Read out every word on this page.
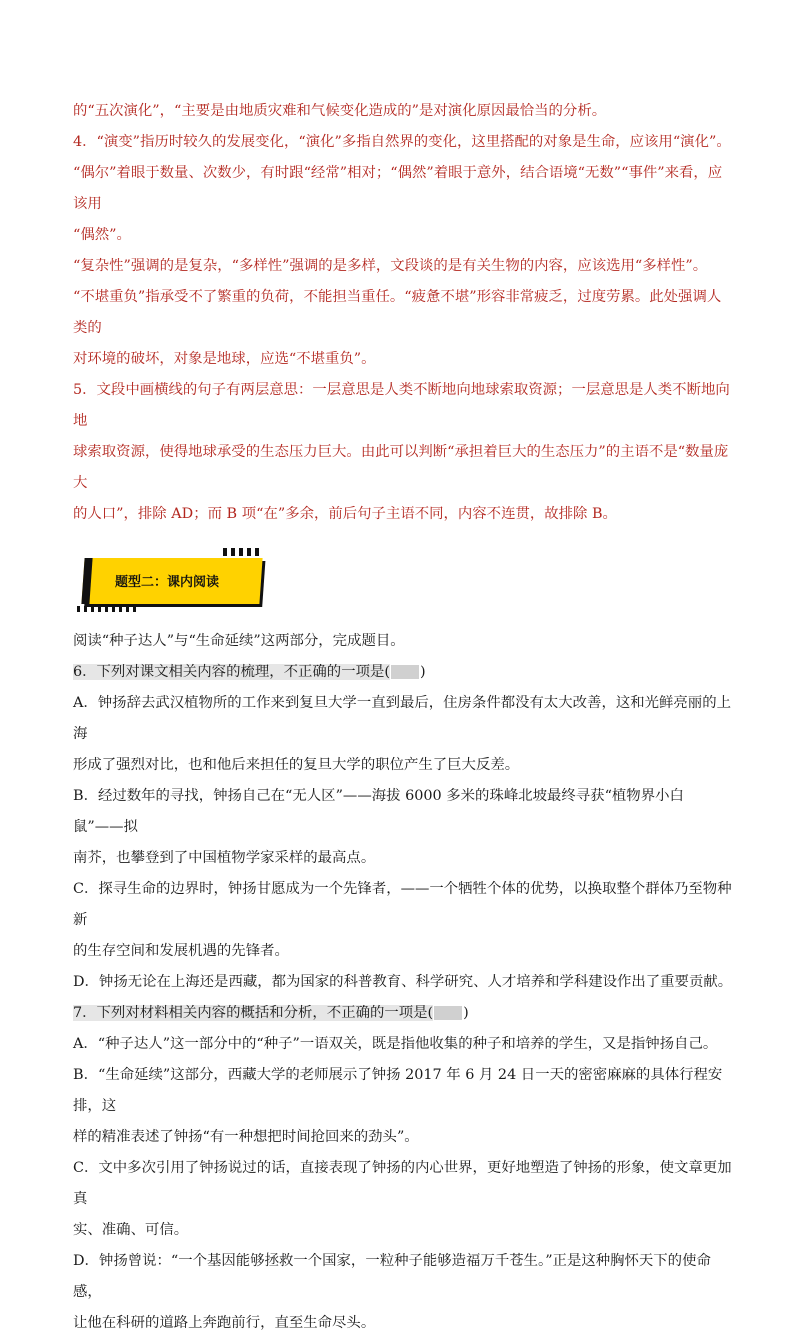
的“五次演化”，“主要是由地质灾难和气候变化造成的”是对演化原因最恰当的分析。

4．“演变”指历时较久的发展变化，“演化”多指自然界的变化，这里搭配的对象是生命，应该用“演化”。

“偶尔”着眼于数量、次数少，有时跟“经常”相对；“偶然”着眼于意外，结合语境“无数”“事件”来看，应该用

“偶然”。

“复杂性”强调的是复杂，“多样性”强调的是多样，文段谈的是有关生物的内容，应该选用“多样性”。

“不堪重负”指承受不了繁重的负荷，不能担当重任。“疲惫不堪”形容非常疲乏，过度劳累。此处强调人类的

对环境的破坏，对象是地球，应选“不堪重负”。

5．文段中画横线的句子有两层意思：一层意思是人类不断地向地球索取资源；一层意思是人类不断地向地

球索取资源，使得地球承受的生态压力巨大。由此可以判断“承担着巨大的生态压力”的主语不是“数量庞大

的人口”，排除 AD；而 B 项“在”多余，前后句子主语不同，内容不连贯，故排除 B。

题型二：课内阅读

阅读“种子达人”与“生命延续”这两部分，完成题目。

6．下列对课文相关内容的梳理，不正确的一项是( )

A．钟扬辞去武汉植物所的工作来到复旦大学一直到最后，住房条件都没有太大改善，这和光鲜亮丽的上海

形成了强烈对比，也和他后来担任的复旦大学的职位产生了巨大反差。

B．经过数年的寻找，钟扬自己在“无人区”——海拔 6000 多米的珠峰北坡最终寻获“植物界小白鼠”——拟

南芥，也攀登到了中国植物学家采样的最高点。

C．探寻生命的边界时，钟扬甘愿成为一个先锋者，——一个牺牲个体的优势，以换取整个群体乃至物种新

的生存空间和发展机遇的先锋者。

D．钟扬无论在上海还是西藏，都为国家的科普教育、科学研究、人才培养和学科建设作出了重要贡献。

7．下列对材料相关内容的概括和分析，不正确的一项是( )

A．“种子达人”这一部分中的“种子”一语双关，既是指他收集的种子和培养的学生，又是指钟扬自己。

B．“生命延续”这部分，西藏大学的老师展示了钟扬 2017 年 6 月 24 日一天的密密麻麻的具体行程安排，这

样的精准表述了钟扬“有一种想把时间抢回来的劲头”。

C．文中多次引用了钟扬说过的话，直接表现了钟扬的内心世界，更好地塑造了钟扬的形象，使文章更加真

实、准确、可信。

D．钟扬曾说：“一个基因能够拯救一个国家，一粒种子能够造福万千苍生。”正是这种胸怀天下的使命感，

让他在科研的道路上奔跑前行，直至生命尽头。
